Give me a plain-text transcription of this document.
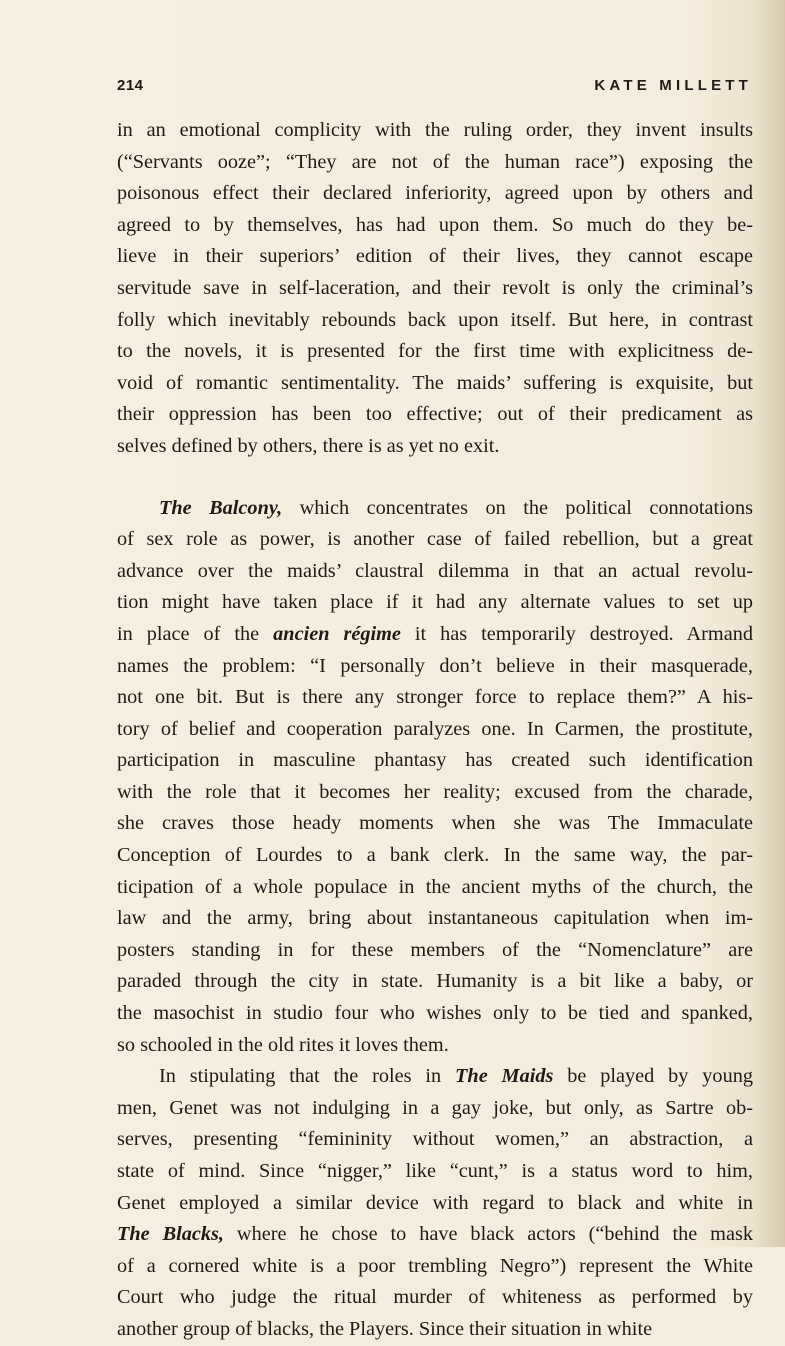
214	KATE MILLETT
in an emotional complicity with the ruling order, they invent insults
(“Servants ooze”; “They are not of the human race”) exposing the
poisonous effect their declared inferiority, agreed upon by others and
agreed to by themselves, has had upon them. So much do they be-
lieve in their superiors’ edition of their lives, they cannot escape
servitude save in self-laceration, and their revolt is only the criminal’s
folly which inevitably rebounds back upon itself. But here, in contrast
to the novels, it is presented for the first time with explicitness de-
void of romantic sentimentality. The maids’ suffering is exquisite, but
their oppression has been too effective; out of their predicament as
selves defined by others, there is as yet no exit.
The Balcony, which concentrates on the political connotations
of sex role as power, is another case of failed rebellion, but a great
advance over the maids’ claustral dilemma in that an actual revolu-
tion might have taken place if it had any alternate values to set up
in place of the ancien régime it has temporarily destroyed. Armand
names the problem: “I personally don’t believe in their masquerade,
not one bit. But is there any stronger force to replace them?” A his-
tory of belief and cooperation paralyzes one. In Carmen, the prostitute,
participation in masculine phantasy has created such identification
with the role that it becomes her reality; excused from the charade,
she craves those heady moments when she was The Immaculate
Conception of Lourdes to a bank clerk. In the same way, the par-
ticipation of a whole populace in the ancient myths of the church, the
law and the army, bring about instantaneous capitulation when im-
posters standing in for these members of the “Nomenclature” are
paraded through the city in state. Humanity is a bit like a baby, or
the masochist in studio four who wishes only to be tied and spanked,
so schooled in the old rites it loves them.
In stipulating that the roles in The Maids be played by young
men, Genet was not indulging in a gay joke, but only, as Sartre ob-
serves, presenting “femininity without women,” an abstraction, a
state of mind. Since “nigger,” like “cunt,” is a status word to him,
Genet employed a similar device with regard to black and white in
The Blacks, where he chose to have black actors (“behind the mask
of a cornered white is a poor trembling Negro”) represent the White
Court who judge the ritual murder of whiteness as performed by
another group of blacks, the Players. Since their situation in white
